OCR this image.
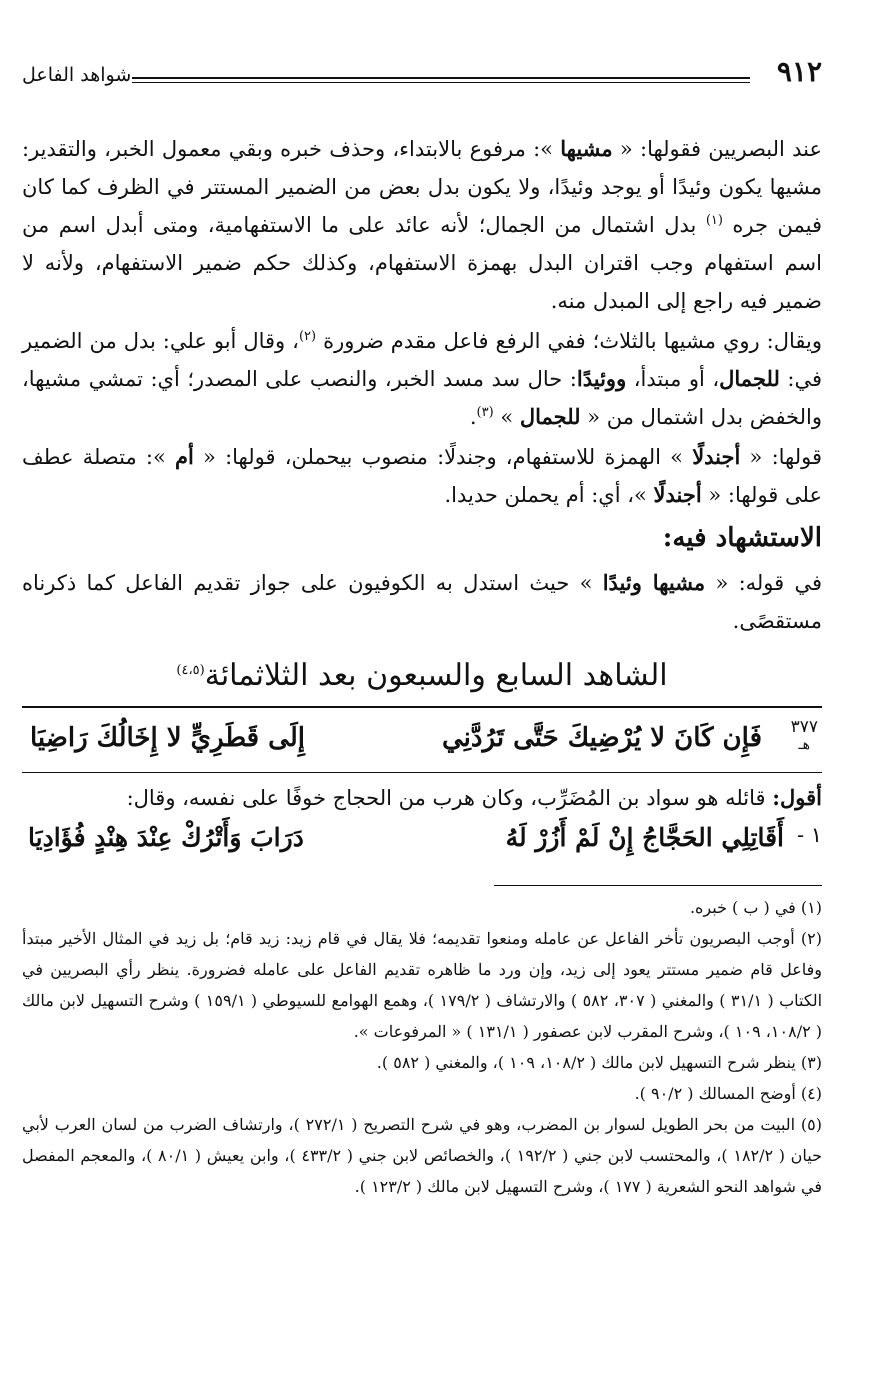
٩١٢
شواهد الفاعل

عند البصريين فقولها: « مشيها »: مرفوع بالابتداء، وحذف خبره وبقي معمول الخبر، والتقدير: مشيها يكون وئيدًا أو يوجد وئيدًا، ولا يكون بدل بعض من الضمير المستتر في الظرف كما كان فيمن جره $^{(١)}$ بدل اشتمال من الجمال؛ لأنه عائد على ما الاستفهامية، ومتى أبدل اسم من اسم استفهام وجب اقتران البدل بهمزة الاستفهام، وكذلك حكم ضمير الاستفهام، ولأنه لا ضمير فيه راجع إلى المبدل منه.

ويقال: روي مشيها بالثلاث؛ ففي الرفع فاعل مقدم ضرورة $^{(٢)}$، وقال أبو علي: بدل من الضمير في: للجمال، أو مبتدأ، ووئيدًا: حال سد مسد الخبر، والنصب على المصدر؛ أي: تمشي مشيها، والخفض بدل اشتمال من « للجمال » $^{(٣)}$.

قولها: « أجندلًا » الهمزة للاستفهام، وجندلًا: منصوب بيحملن، قولها: « أم »: متصلة عطف على قولها: « أجندلًا »، أي: أم يحملن حديدا.

الاستشهاد فيه:

في قوله: « مشيها وئيدًا » حيث استدل به الكوفيون على جواز تقديم الفاعل كما ذكرناه مستقصًى.

الشاهد السابع والسبعون بعد الثلاثمائة$^{(٤،٥)}$
٣٧٧
هـ
فَإِن كَانَ لا يُرْضِيكَ حَتَّى تَرُدَّنِي
إِلَى قَطَرِيٍّ لا إِخَالُكَ رَاضِيَا

أقول: قائله هو سواد بن المُضَرِّب، وكان هرب من الحجاج خوفًا على نفسه، وقال:

١ -
أَقَاتِلِي الحَجَّاجُ إِنْ لَمْ أَزُرْ لَهُ
دَرَابَ وَأَتْرُكْ عِنْدَ هِنْدٍ فُؤَادِيَا

(١) في ( ب ) خبره.

(٢) أوجب البصريون تأخر الفاعل عن عامله ومنعوا تقديمه؛ فلا يقال في قام زيد: زيد قام؛ بل زيد في المثال الأخير مبتدأ وفاعل قام ضمير مستتر يعود إلى زيد، وإن ورد ما ظاهره تقديم الفاعل على عامله فضرورة. ينظر رأي البصريين في الكتاب ( ٣١/١ ) والمغني ( ٣٠٧، ٥٨٢ ) والارتشاف ( ١٧٩/٢ )، وهمع الهوامع للسيوطي ( ١٥٩/١ ) وشرح التسهيل لابن مالك ( ١٠٨/٢، ١٠٩ )، وشرح المقرب لابن عصفور ( ١٣١/١ ) « المرفوعات ».

(٣) ينظر شرح التسهيل لابن مالك ( ١٠٨/٢، ١٠٩ )، والمغني ( ٥٨٢ ).

(٤) أوضح المسالك ( ٩٠/٢ ).

(٥) البيت من بحر الطويل لسوار بن المضرب، وهو في شرح التصريح ( ٢٧٢/١ )، وارتشاف الضرب من لسان العرب لأبي حيان ( ١٨٢/٢ )، والمحتسب لابن جني ( ١٩٢/٢ )، والخصائص لابن جني ( ٤٣٣/٢ )، وابن يعيش ( ٨٠/١ )، والمعجم المفصل في شواهد النحو الشعرية ( ١٧٧ )، وشرح التسهيل لابن مالك ( ١٢٣/٢ ).
